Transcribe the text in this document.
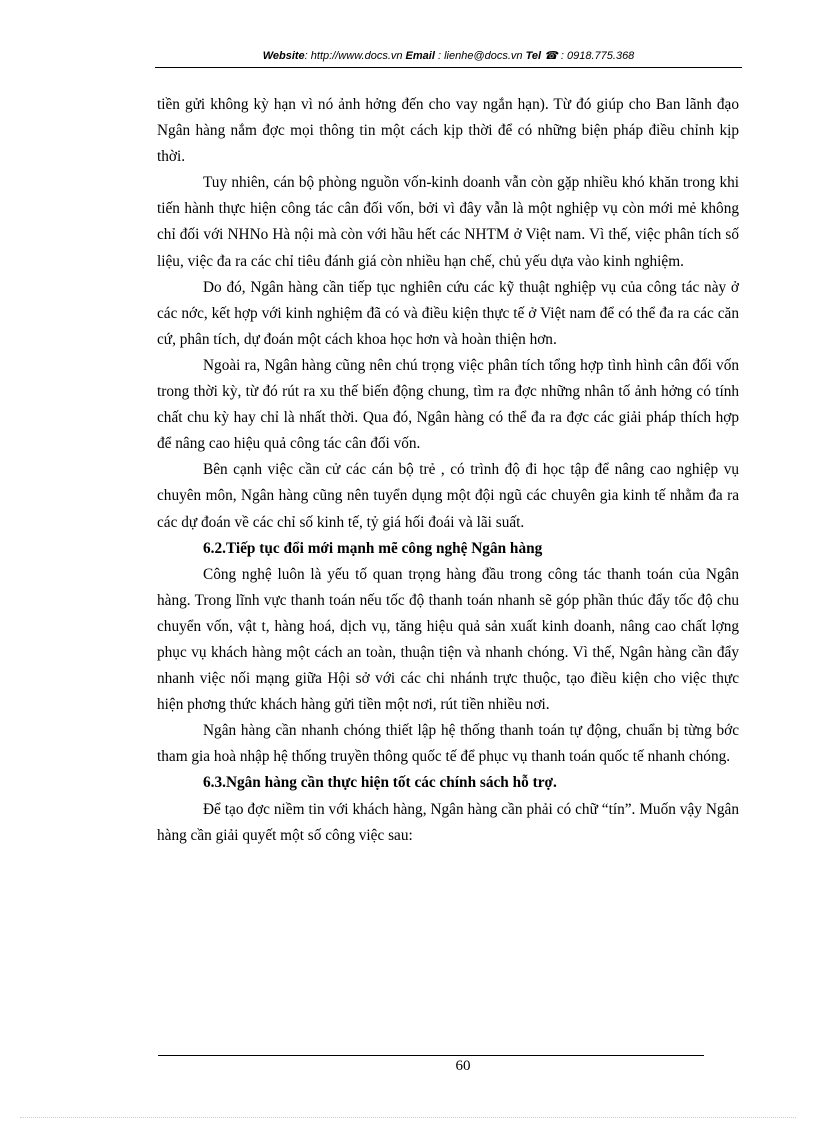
Website: http://www.docs.vn Email : lienhe@docs.vn Tel ☎ : 0918.775.368

tiền gửi không kỳ hạn vì nó ảnh hởng đến cho vay ngắn hạn). Từ đó giúp cho Ban lãnh đạo Ngân hàng nắm đợc mọi thông tin một cách kịp thời để có những biện pháp điều chỉnh kịp thời.

Tuy nhiên, cán bộ phòng nguồn vốn-kinh doanh vẫn còn gặp nhiều khó khăn trong khi tiến hành thực hiện công tác cân đối vốn, bởi vì đây vẫn là một nghiệp vụ còn mới mẻ không chỉ đối với NHNo Hà nội mà còn với hầu hết các NHTM ở Việt nam. Vì thế, việc phân tích số liệu, việc đa ra các chỉ tiêu đánh giá còn nhiều hạn chế, chủ yếu dựa vào kinh nghiệm.

Do đó, Ngân hàng cần tiếp tục nghiên cứu các kỹ thuật nghiệp vụ của công tác này ở các nớc, kết hợp với kinh nghiệm đã có và điều kiện thực tế ở Việt nam để có thể đa ra các căn cứ, phân tích, dự đoán một cách khoa học hơn và hoàn thiện hơn.

Ngoài ra, Ngân hàng cũng nên chú trọng việc phân tích tổng hợp tình hình cân đối vốn trong thời kỳ, từ đó rút ra xu thế biến động chung, tìm ra đợc những nhân tố ảnh hởng có tính chất chu kỳ hay chỉ là nhất thời. Qua đó, Ngân hàng có thể đa ra đợc các giải pháp thích hợp để nâng cao hiệu quả công tác cân đối vốn.

Bên cạnh việc cần cử các cán bộ trẻ , có trình độ đi học tập để nâng cao nghiệp vụ chuyên môn, Ngân hàng cũng nên tuyển dụng một đội ngũ các chuyên gia kinh tế nhằm đa ra các dự đoán về các chỉ số kinh tế, tỷ giá hối đoái và lãi suất.

6.2.Tiếp tục đổi mới mạnh mẽ công nghệ Ngân hàng

Công nghệ luôn là yếu tố quan trọng hàng đầu trong công tác thanh toán của Ngân hàng. Trong lĩnh vực thanh toán nếu tốc độ thanh toán nhanh sẽ góp phần thúc đẩy tốc độ chu chuyển vốn, vật t, hàng hoá, dịch vụ, tăng hiệu quả sản xuất kinh doanh, nâng cao chất lợng phục vụ khách hàng một cách an toàn, thuận tiện và nhanh chóng. Vì thế, Ngân hàng cần đẩy nhanh việc nối mạng giữa Hội sở với các chi nhánh trực thuộc, tạo điều kiện cho việc thực hiện phơng thức khách hàng gửi tiền một nơi, rút tiền nhiều nơi.

Ngân hàng cần nhanh chóng thiết lập hệ thống thanh toán tự động, chuẩn bị từng bớc tham gia hoà nhập hệ thống truyền thông quốc tế để phục vụ thanh toán quốc tế nhanh chóng.

6.3.Ngân hàng cần thực hiện tốt các chính sách hỗ trợ.

Để tạo đợc niềm tin với khách hàng, Ngân hàng cần phải có chữ “tín”. Muốn vậy Ngân hàng cần giải quyết một số công việc sau:

60
